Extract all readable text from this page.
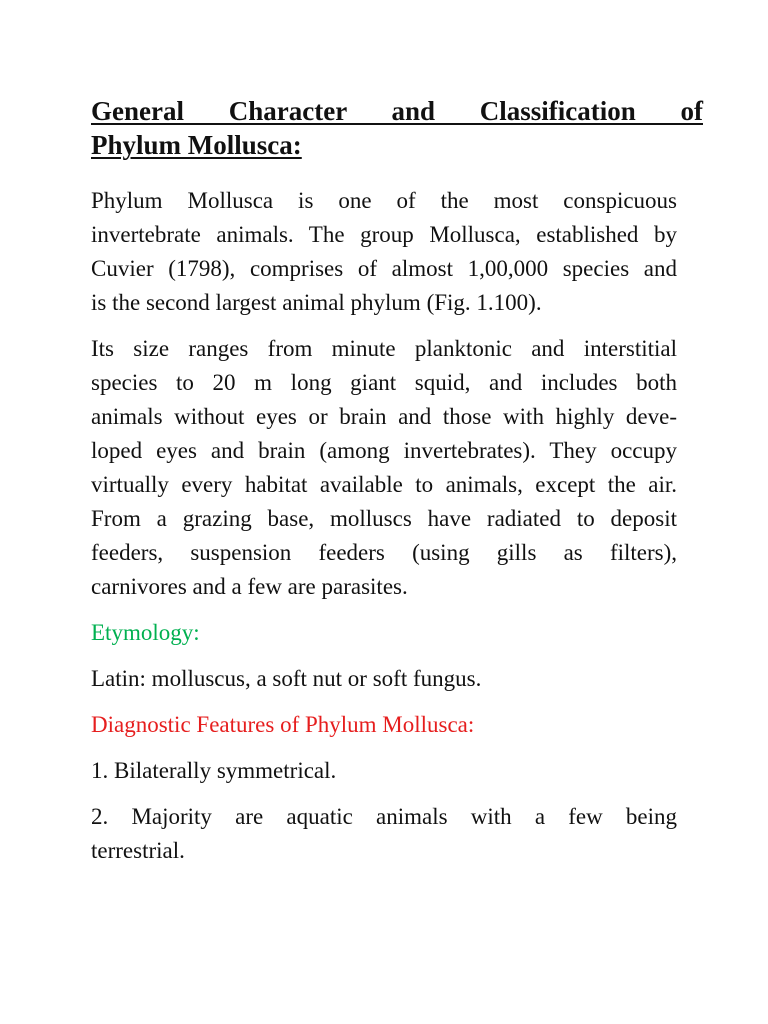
General Character and Classification of
Phylum Mollusca:
Phylum Mollusca is one of the most conspicuous
invertebrate animals. The group Mollusca, established by
Cuvier (1798), comprises of almost 1,00,000 species and
is the second largest animal phylum (Fig. 1.100).
Its size ranges from minute planktonic and interstitial
species to 20 m long giant squid, and includes both
animals without eyes or brain and those with highly deve-
loped eyes and brain (among invertebrates). They occupy
virtually every habitat available to animals, except the air.
From a grazing base, molluscs have radiated to deposit
feeders, suspension feeders (using gills as filters),
carnivores and a few are parasites.
Etymology:
Latin: molluscus, a soft nut or soft fungus.
Diagnostic Features of Phylum Mollusca:
1. Bilaterally symmetrical.
2. Majority are aquatic animals with a few being
terrestrial.
